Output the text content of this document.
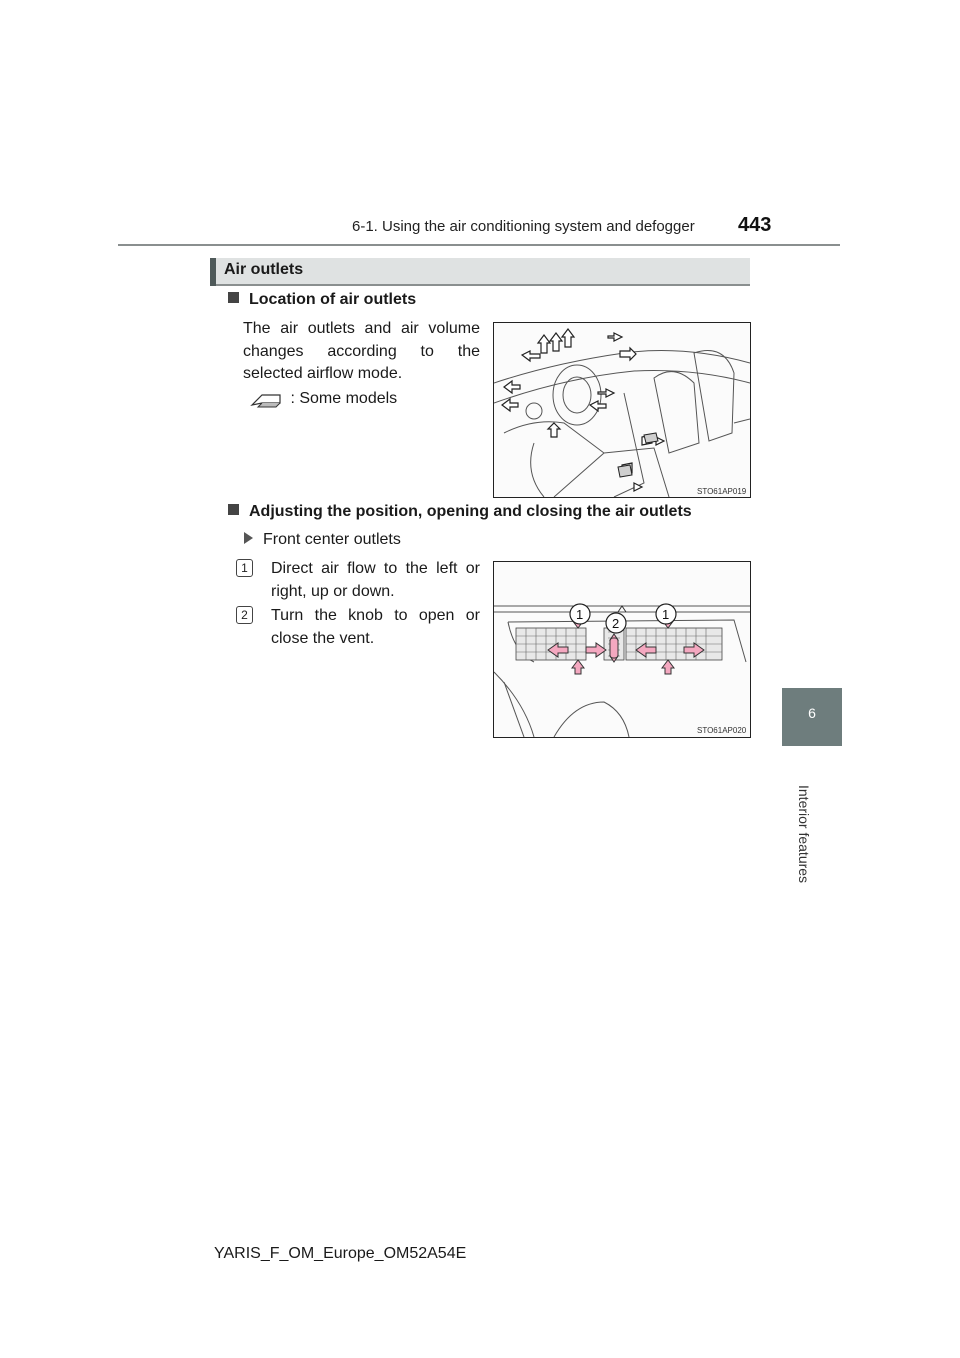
6-1. Using the air conditioning system and defogger 443
6
Interior features
Air outlets
Location of air outlets
The air outlets and air volume changes according to the selected airflow mode.
: Some models
STO61AP019
Adjusting the position, opening and closing the air outlets
Front center outlets
1	Direct air flow to the left or right, up or down.
2	Turn the knob to open or close the vent.
1
2
1
STO61AP020
YARIS_F_OM_Europe_OM52A54E
